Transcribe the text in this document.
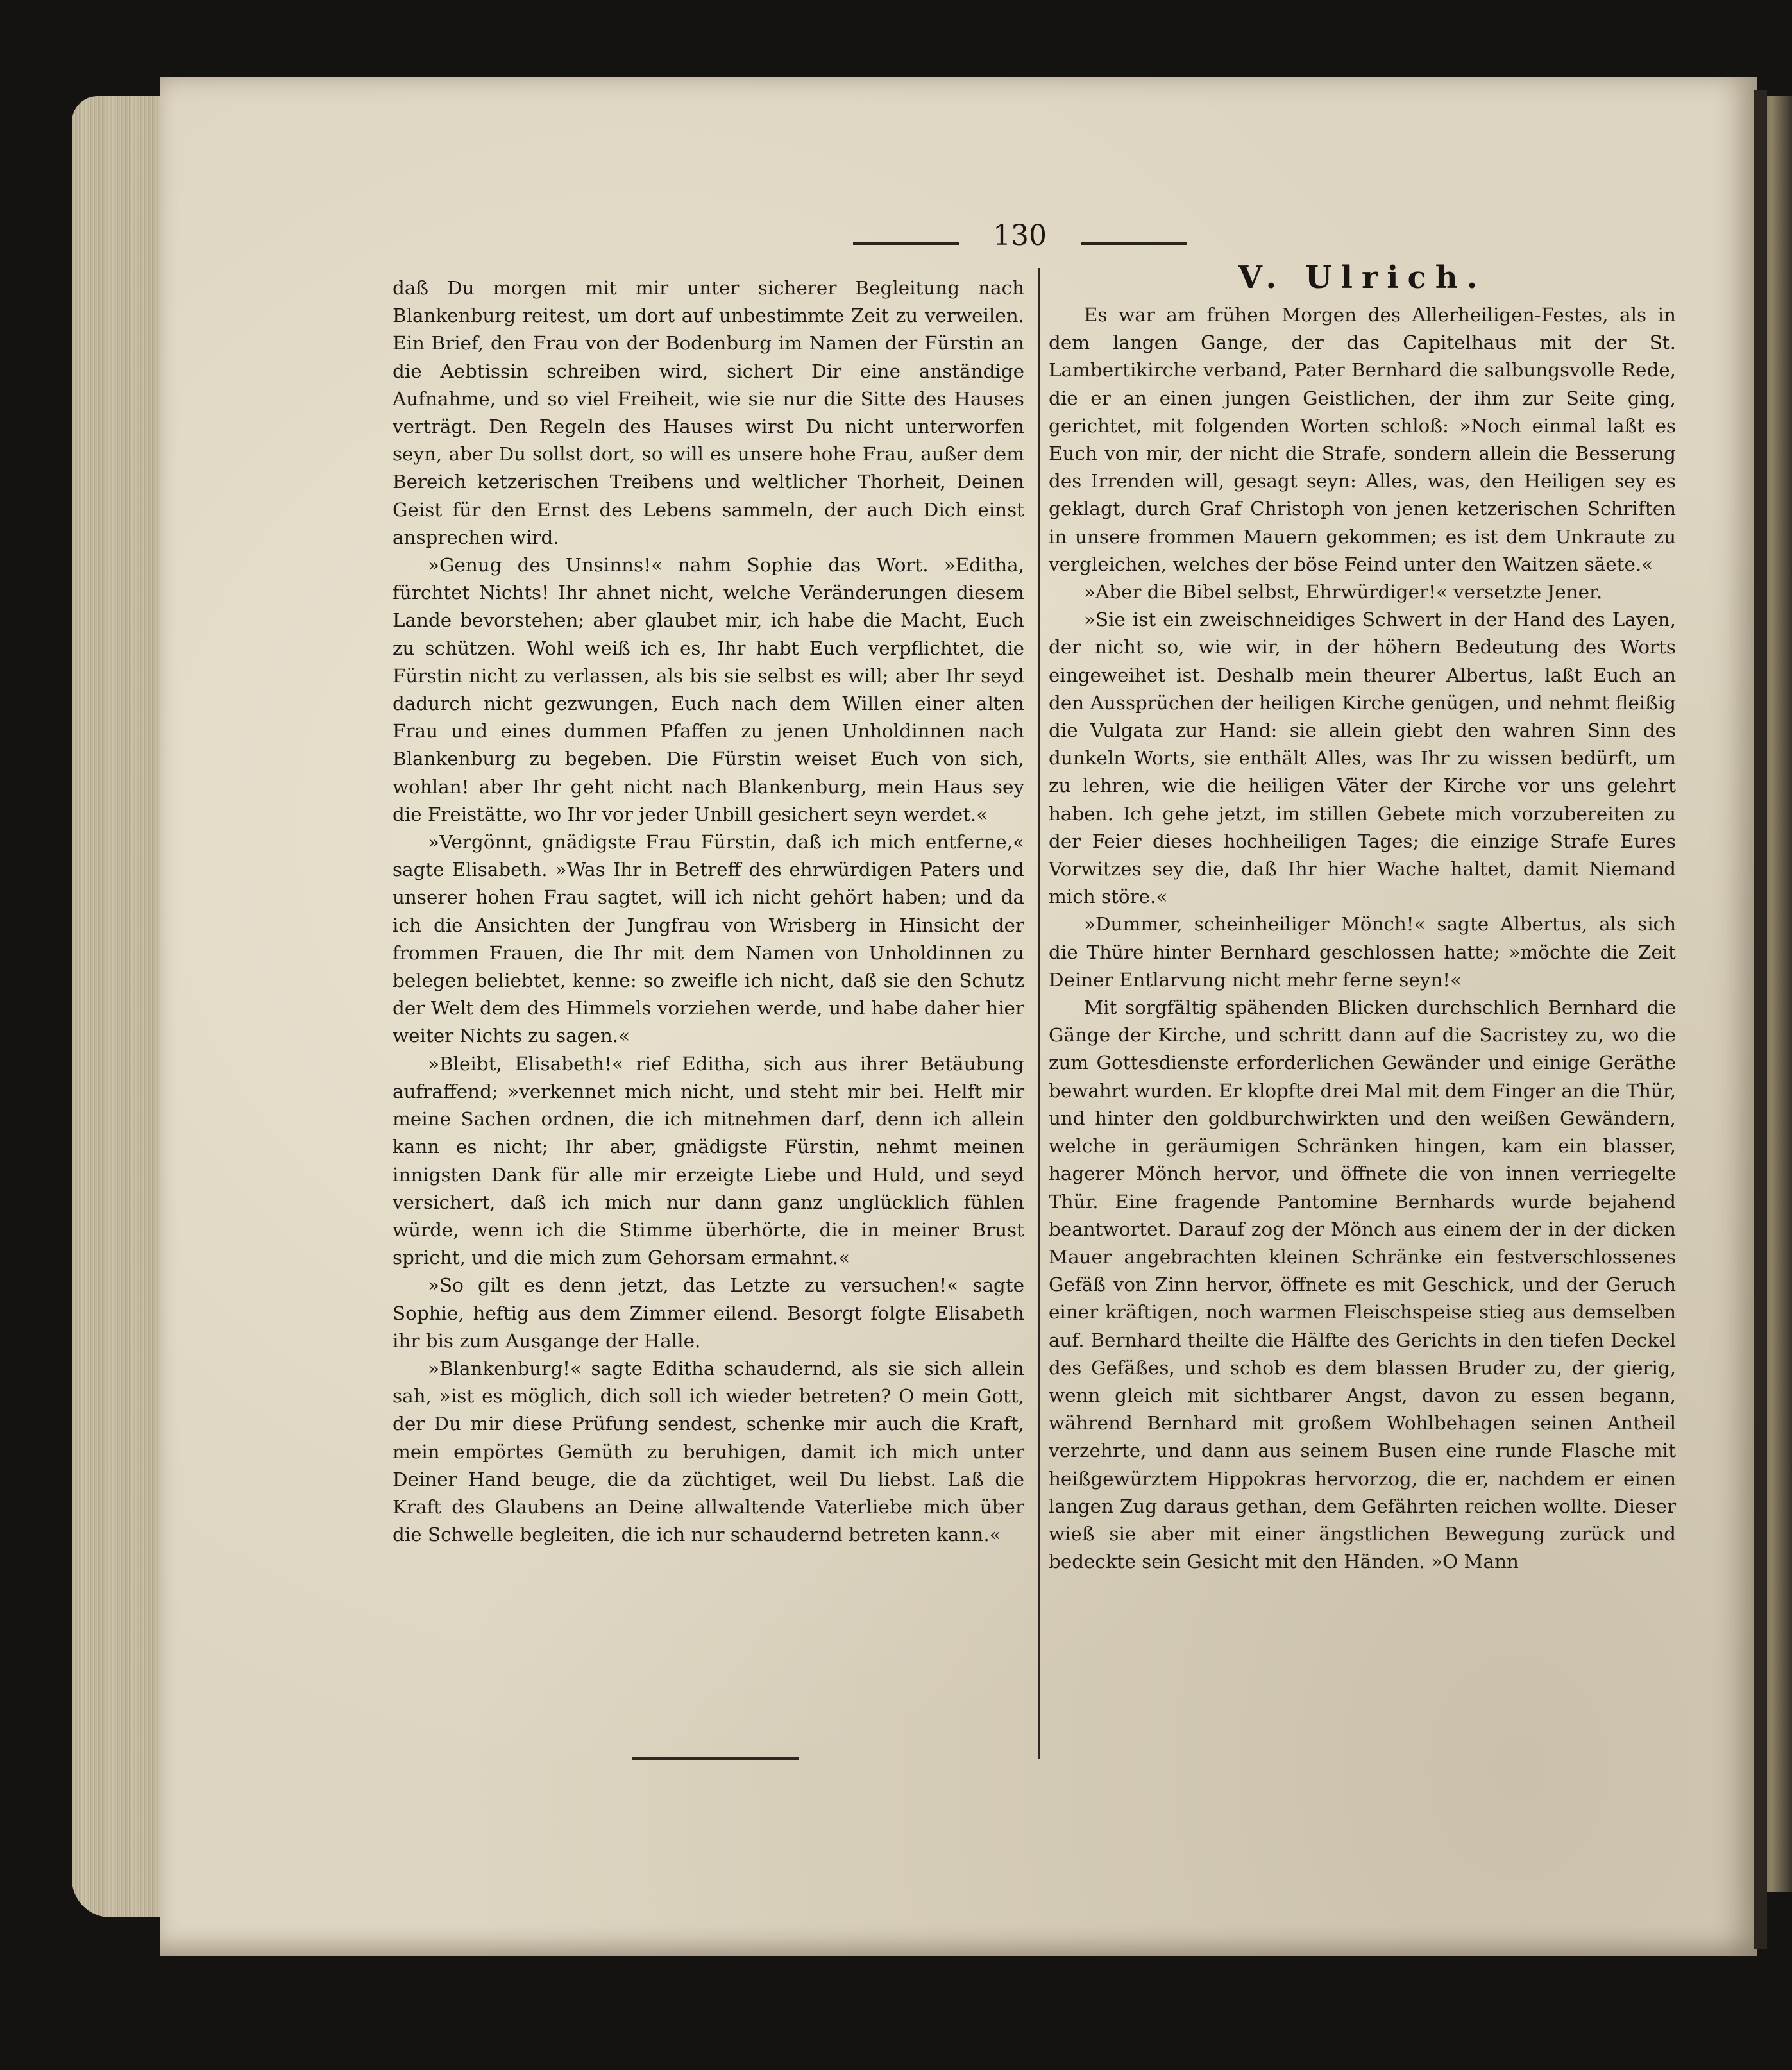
130

daß Du morgen mit mir unter sicherer Begleitung nach Blankenburg reitest, um dort auf unbestimmte Zeit zu verweilen. Ein Brief, den Frau von der Bodenburg im Namen der Fürstin an die Aebtissin schreiben wird, sichert Dir eine anständige Aufnahme, und so viel Freiheit, wie sie nur die Sitte des Hauses verträgt. Den Regeln des Hauses wirst Du nicht unterworfen seyn, aber Du sollst dort, so will es unsere hohe Frau, außer dem Bereich ketzerischen Treibens und weltlicher Thorheit, Deinen Geist für den Ernst des Lebens sammeln, der auch Dich einst ansprechen wird.

»Genug des Unsinns!« nahm Sophie das Wort. »Editha, fürchtet Nichts! Ihr ahnet nicht, welche Veränderungen diesem Lande bevorstehen; aber glaubet mir, ich habe die Macht, Euch zu schützen. Wohl weiß ich es, Ihr habt Euch verpflichtet, die Fürstin nicht zu verlassen, als bis sie selbst es will; aber Ihr seyd dadurch nicht gezwungen, Euch nach dem Willen einer alten Frau und eines dummen Pfaffen zu jenen Unholdinnen nach Blankenburg zu begeben. Die Fürstin weiset Euch von sich, wohlan! aber Ihr geht nicht nach Blankenburg, mein Haus sey die Freistätte, wo Ihr vor jeder Unbill gesichert seyn werdet.«

»Vergönnt, gnädigste Frau Fürstin, daß ich mich entferne,« sagte Elisabeth. »Was Ihr in Betreff des ehrwürdigen Paters und unserer hohen Frau sagtet, will ich nicht gehört haben; und da ich die Ansichten der Jungfrau von Wrisberg in Hinsicht der frommen Frauen, die Ihr mit dem Namen von Unholdinnen zu belegen beliebtet, kenne: so zweifle ich nicht, daß sie den Schutz der Welt dem des Himmels vorziehen werde, und habe daher hier weiter Nichts zu sagen.«

»Bleibt, Elisabeth!« rief Editha, sich aus ihrer Betäubung aufraffend; »verkennet mich nicht, und steht mir bei. Helft mir meine Sachen ordnen, die ich mitnehmen darf, denn ich allein kann es nicht; Ihr aber, gnädigste Fürstin, nehmt meinen innigsten Dank für alle mir erzeigte Liebe und Huld, und seyd versichert, daß ich mich nur dann ganz unglücklich fühlen würde, wenn ich die Stimme überhörte, die in meiner Brust spricht, und die mich zum Gehorsam ermahnt.«

»So gilt es denn jetzt, das Letzte zu versuchen!« sagte Sophie, heftig aus dem Zimmer eilend. Besorgt folgte Elisabeth ihr bis zum Ausgange der Halle.

»Blankenburg!« sagte Editha schaudernd, als sie sich allein sah, »ist es möglich, dich soll ich wieder betreten? O mein Gott, der Du mir diese Prüfung sendest, schenke mir auch die Kraft, mein empörtes Gemüth zu beruhigen, damit ich mich unter Deiner Hand beuge, die da züchtiget, weil Du liebst. Laß die Kraft des Glaubens an Deine allwaltende Vaterliebe mich über die Schwelle begleiten, die ich nur schaudernd betreten kann.«

V. Ulrich.

Es war am frühen Morgen des Allerheiligen-Festes, als in dem langen Gange, der das Capitelhaus mit der St. Lambertikirche verband, Pater Bernhard die salbungsvolle Rede, die er an einen jungen Geistlichen, der ihm zur Seite ging, gerichtet, mit folgenden Worten schloß: »Noch einmal laßt es Euch von mir, der nicht die Strafe, sondern allein die Besserung des Irrenden will, gesagt seyn: Alles, was, den Heiligen sey es geklagt, durch Graf Christoph von jenen ketzerischen Schriften in unsere frommen Mauern gekommen; es ist dem Unkraute zu vergleichen, welches der böse Feind unter den Waitzen säete.«

»Aber die Bibel selbst, Ehrwürdiger!« versetzte Jener.

»Sie ist ein zweischneidiges Schwert in der Hand des Layen, der nicht so, wie wir, in der höhern Bedeutung des Worts eingeweihet ist. Deshalb mein theurer Albertus, laßt Euch an den Aussprüchen der heiligen Kirche genügen, und nehmt fleißig die Vulgata zur Hand: sie allein giebt den wahren Sinn des dunkeln Worts, sie enthält Alles, was Ihr zu wissen bedürft, um zu lehren, wie die heiligen Väter der Kirche vor uns gelehrt haben. Ich gehe jetzt, im stillen Gebete mich vorzubereiten zu der Feier dieses hochheiligen Tages; die einzige Strafe Eures Vorwitzes sey die, daß Ihr hier Wache haltet, damit Niemand mich störe.«

»Dummer, scheinheiliger Mönch!« sagte Albertus, als sich die Thüre hinter Bernhard geschlossen hatte; »möchte die Zeit Deiner Entlarvung nicht mehr ferne seyn!«

Mit sorgfältig spähenden Blicken durchschlich Bernhard die Gänge der Kirche, und schritt dann auf die Sacristey zu, wo die zum Gottesdienste erforderlichen Gewänder und einige Geräthe bewahrt wurden. Er klopfte drei Mal mit dem Finger an die Thür, und hinter den goldburchwirkten und den weißen Gewändern, welche in geräumigen Schränken hingen, kam ein blasser, hagerer Mönch hervor, und öffnete die von innen verriegelte Thür. Eine fragende Pantomine Bernhards wurde bejahend beantwortet. Darauf zog der Mönch aus einem der in der dicken Mauer angebrachten kleinen Schränke ein festverschlossenes Gefäß von Zinn hervor, öffnete es mit Geschick, und der Geruch einer kräftigen, noch warmen Fleischspeise stieg aus demselben auf. Bernhard theilte die Hälfte des Gerichts in den tiefen Deckel des Gefäßes, und schob es dem blassen Bruder zu, der gierig, wenn gleich mit sichtbarer Angst, davon zu essen begann, während Bernhard mit großem Wohlbehagen seinen Antheil verzehrte, und dann aus seinem Busen eine runde Flasche mit heißgewürztem Hippokras hervorzog, die er, nachdem er einen langen Zug daraus gethan, dem Gefährten reichen wollte. Dieser wieß sie aber mit einer ängstlichen Bewegung zurück und bedeckte sein Gesicht mit den Händen. »O Mann
